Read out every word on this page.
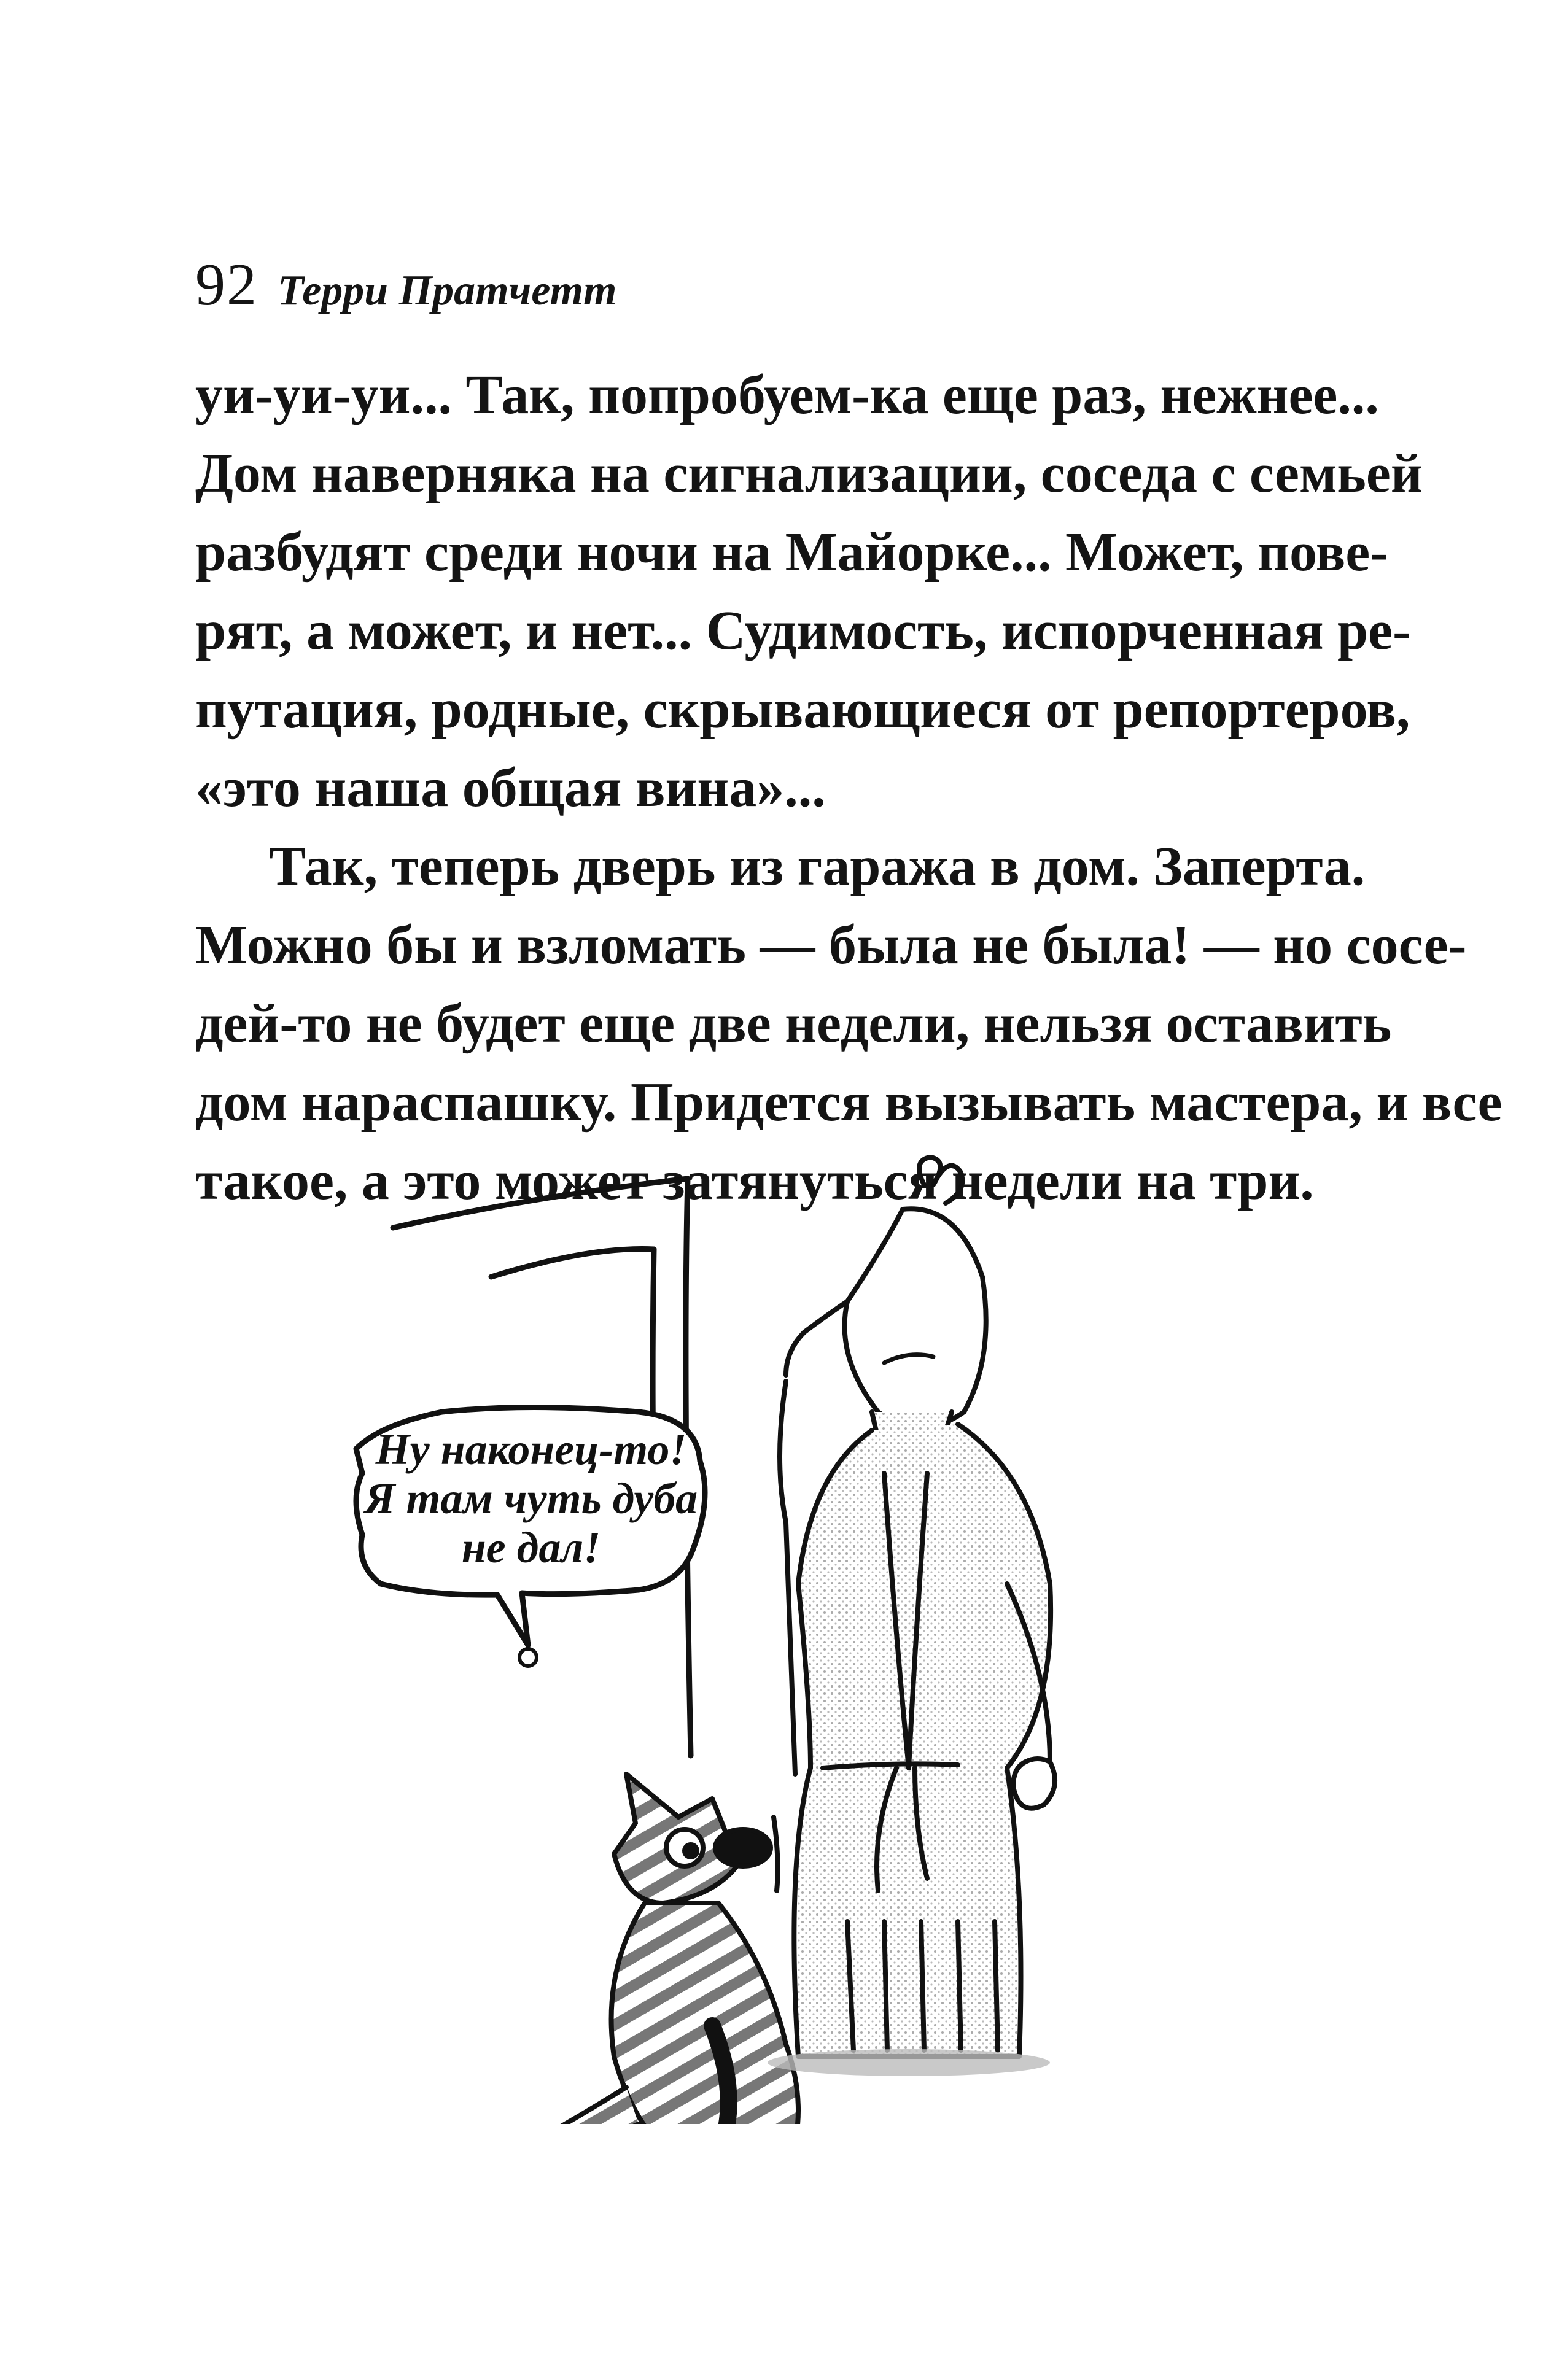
92 Терри Пратчетт
уи-уи-уи... Так, попробуем-ка еще раз, нежнее...
Дом наверняка на сигнализации, соседа с семьей
разбудят среди ночи на Майорке... Может, пове-
рят, а может, и нет... Судимость, испорченная ре-
путация, родные, скрывающиеся от репортеров,
«это наша общая вина»...
Так, теперь дверь из гаража в дом. Заперта.
Можно бы и взломать — была не была! — но сосе-
дей-то не будет еще две недели, нельзя оставить
дом нараспашку. Придется вызывать мастера, и все
такое, а это может затянуться недели на три.
Ну наконец-то!
Я там чуть дуба
не дал!
